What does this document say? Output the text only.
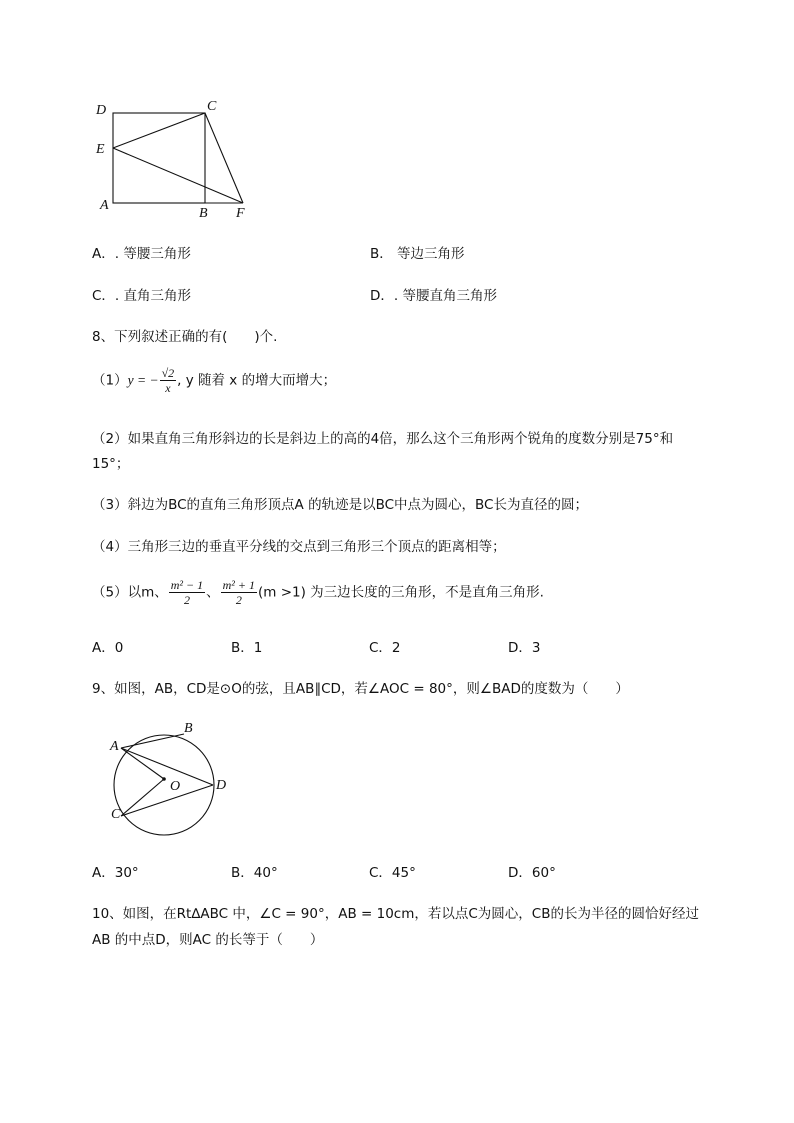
D	C
E
A
B F
A．. 等腰三角形	B． 等边三角形
C．. 直角三角形	D．. 等腰直角三角形
8、下列叙述正确的有(　　)个.
（1）y = − $\frac{√2}{x}$ , y 随着 x 的增大而增大；
（2）如果直角三角形斜边的长是斜边上的高的4倍，那么这个三角形两个锐角的度数分别是75°和
15°；
（3）斜边为BC的直角三角形顶点A 的轨迹是以BC中点为圆心，BC长为直径的圆；
（4）三角形三边的垂直平分线的交点到三角形三个顶点的距离相等；
（5）以m、 $\frac{\text{m² − 1}}{2}$ 、 $\frac{\text{m² + 1}}{2} (m >1)$ 为三边长度的三角形，不是直角三角形.
A．0	B．1	C．2	D．3
9、如图，AB，CD是⊙O的弦，且AB∥CD，若∠AOC = 80°，则∠BAD的度数为（　　）
A
B
O	D
C
A．30°	B．40°	C．45°	D．60°
10、如图，在Rt∆ABC 中，∠C = 90°，AB = 10cm，若以点C为圆心，CB的长为半径的圆恰好经过
AB 的中点D，则AC 的长等于（　　）
